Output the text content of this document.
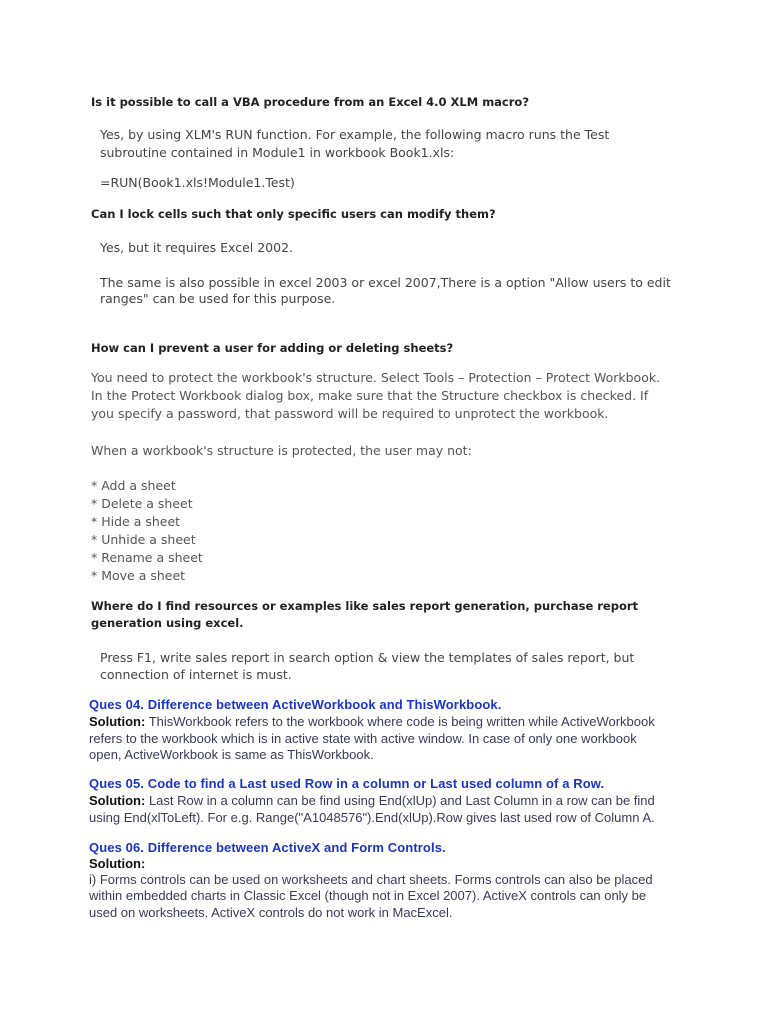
Is it possible to call a VBA procedure from an Excel 4.0 XLM macro?

Yes, by using XLM's RUN function. For example, the following macro runs the Test

subroutine contained in Module1 in workbook Book1.xls:

=RUN(Book1.xls!Module1.Test)

Can I lock cells such that only specific users can modify them?

Yes, but it requires Excel 2002.

The same is also possible in excel 2003 or excel 2007,There is a option "Allow users to edit

ranges" can be used for this purpose.

How can I prevent a user for adding or deleting sheets?

You need to protect the workbook's structure. Select Tools – Protection – Protect Workbook.

In the Protect Workbook dialog box, make sure that the Structure checkbox is checked. If

you specify a password, that password will be required to unprotect the workbook.

When a workbook's structure is protected, the user may not:

* Add a sheet
* Delete a sheet
* Hide a sheet
* Unhide a sheet
* Rename a sheet
* Move a sheet

Where do I find resources or examples like sales report generation, purchase report

generation using excel.

Press F1, write sales report in search option & view the templates of sales report, but

connection of internet is must.

Ques 04. Difference between ActiveWorkbook and ThisWorkbook.

Solution: ThisWorkbook refers to the workbook where code is being written while ActiveWorkbook

refers to the workbook which is in active state with active window. In case of only one workbook

open, ActiveWorkbook is same as ThisWorkbook.

Ques 05. Code to find a Last used Row in a column or Last used column of a Row.

Solution: Last Row in a column can be find using End(xlUp) and Last Column in a row can be find

using End(xlToLeft). For e.g. Range("A1048576").End(xlUp).Row gives last used row of Column A.

Ques 06. Difference between ActiveX and Form Controls.

Solution:

i) Forms controls can be used on worksheets and chart sheets. Forms controls can also be placed

within embedded charts in Classic Excel (though not in Excel 2007). ActiveX controls can only be

used on worksheets. ActiveX controls do not work in MacExcel.
